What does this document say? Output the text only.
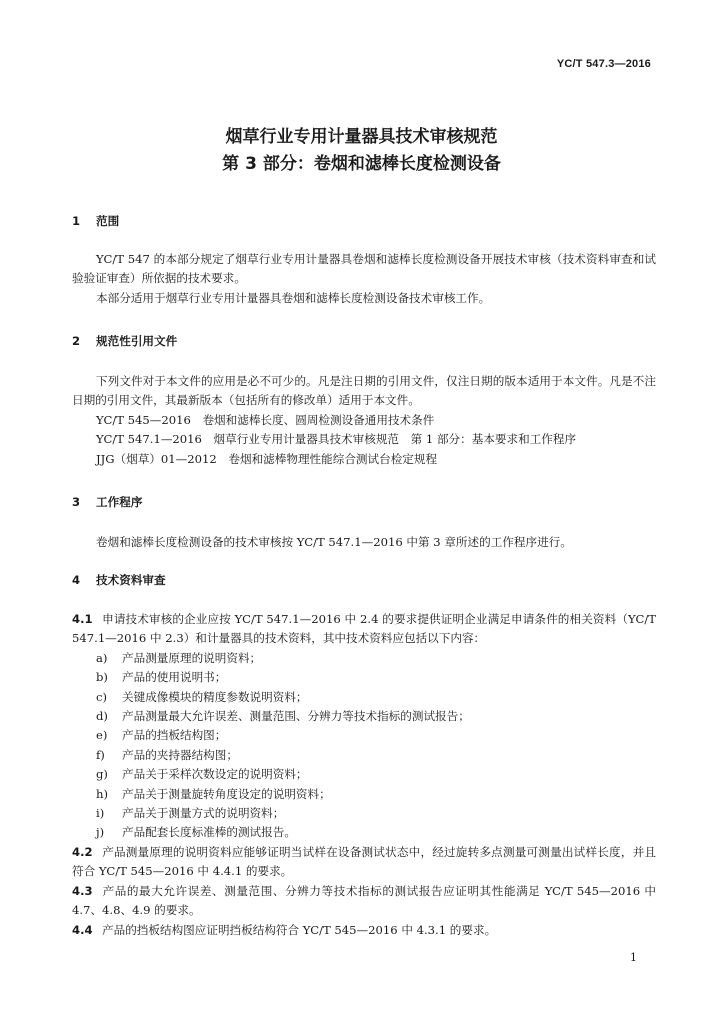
YC/T 547.3—2016
烟草行业专用计量器具技术审核规范
第 3 部分：卷烟和滤棒长度检测设备
1 范围

YC/T 547 的本部分规定了烟草行业专用计量器具卷烟和滤棒长度检测设备开展技术审核（技术资料审查和试验验证审查）所依据的技术要求。

本部分适用于烟草行业专用计量器具卷烟和滤棒长度检测设备技术审核工作。

2 规范性引用文件

下列文件对于本文件的应用是必不可少的。凡是注日期的引用文件，仅注日期的版本适用于本文件。凡是不注日期的引用文件，其最新版本（包括所有的修改单）适用于本文件。

YC/T 545—2016　卷烟和滤棒长度、圆周检测设备通用技术条件

YC/T 547.1—2016　烟草行业专用计量器具技术审核规范　第 1 部分：基本要求和工作程序

JJG（烟草）01—2012　卷烟和滤棒物理性能综合测试台检定规程

3 工作程序

卷烟和滤棒长度检测设备的技术审核按 YC/T 547.1—2016 中第 3 章所述的工作程序进行。

4 技术资料审查

4.1 申请技术审核的企业应按 YC/T 547.1—2016 中 2.4 的要求提供证明企业满足申请条件的相关资料（YC/T 547.1—2016 中 2.3）和计量器具的技术资料，其中技术资料应包括以下内容：

a) 产品测量原理的说明资料；
b) 产品的使用说明书；
c) 关键成像模块的精度参数说明资料；
d) 产品测量最大允许误差、测量范围、分辨力等技术指标的测试报告；
e) 产品的挡板结构图；
f) 产品的夹持器结构图；
g) 产品关于采样次数设定的说明资料；
h) 产品关于测量旋转角度设定的说明资料；
i) 产品关于测量方式的说明资料；
j) 产品配套长度标准棒的测试报告。

4.2 产品测量原理的说明资料应能够证明当试样在设备测试状态中，经过旋转多点测量可测量出试样长度，并且符合 YC/T 545—2016 中 4.4.1 的要求。

4.3 产品的最大允许误差、测量范围、分辨力等技术指标的测试报告应证明其性能满足 YC/T 545—2016 中 4.7、4.8、4.9 的要求。

4.4 产品的挡板结构图应证明挡板结构符合 YC/T 545—2016 中 4.3.1 的要求。

1
